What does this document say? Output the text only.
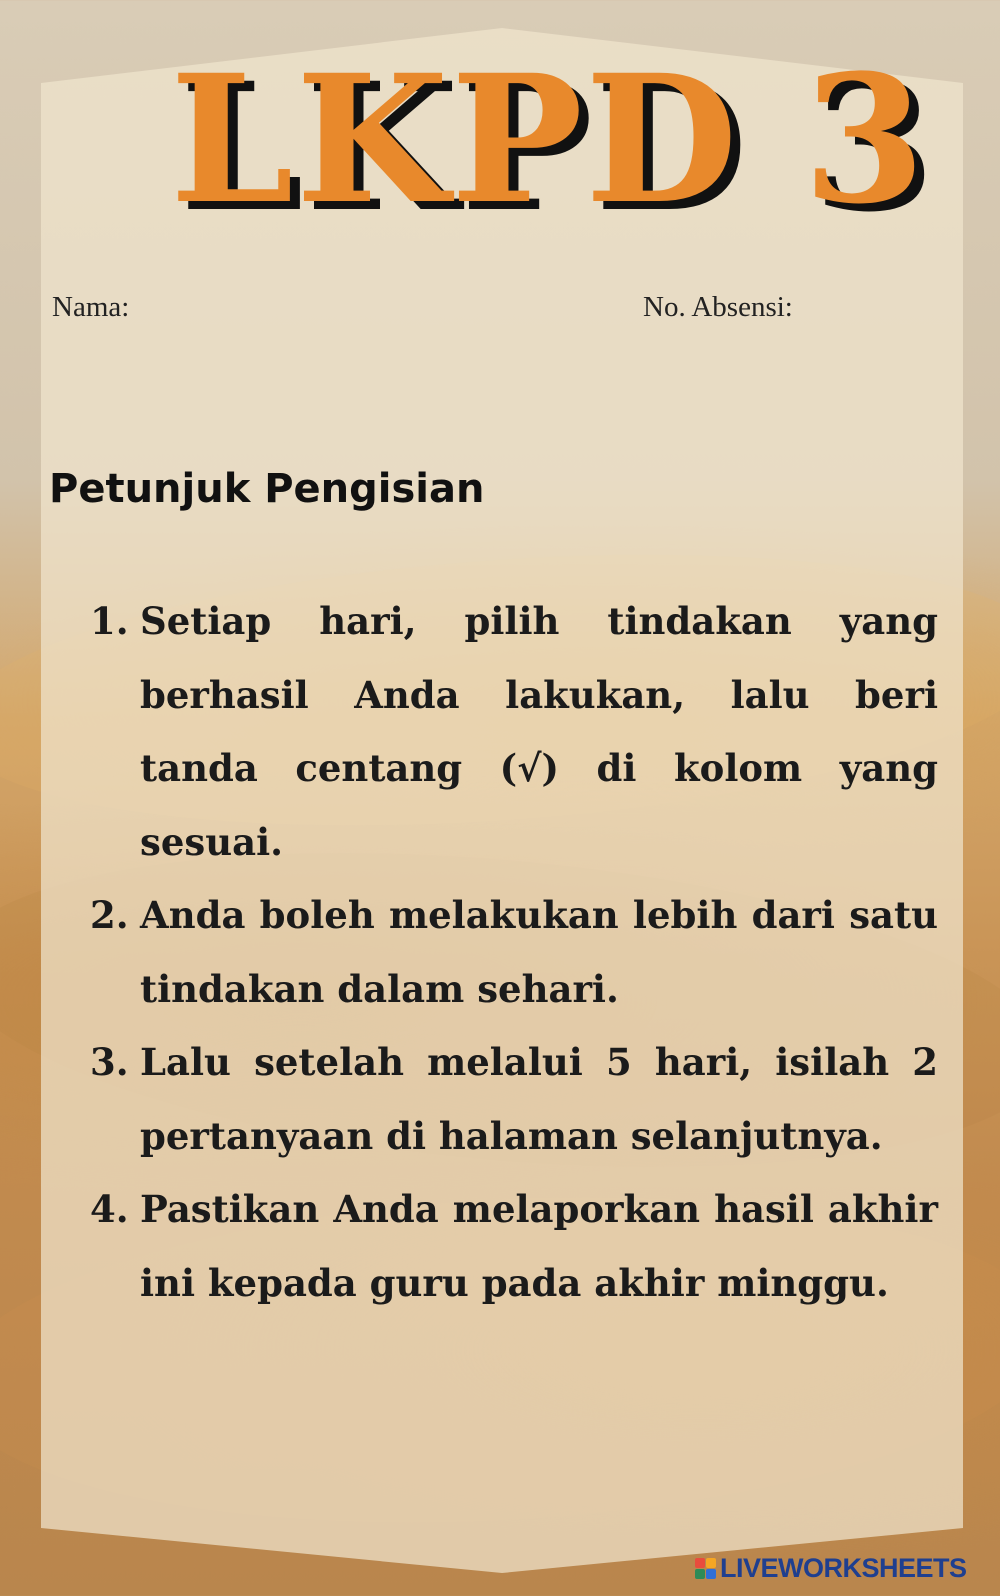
LKPD 3
Nama:	No. Absensi:
Petunjuk Pengisian
1. Setiap hari, pilih tindakan yang berhasil Anda lakukan, lalu beri tanda centang (√) di kolom yang sesuai.
2. Anda boleh melakukan lebih dari satu tindakan dalam sehari.
3. Lalu setelah melalui 5 hari, isilah 2 pertanyaan di halaman selanjutnya.
4. Pastikan Anda melaporkan hasil akhir ini kepada guru pada akhir minggu.
LIVEWORKSHEETS
